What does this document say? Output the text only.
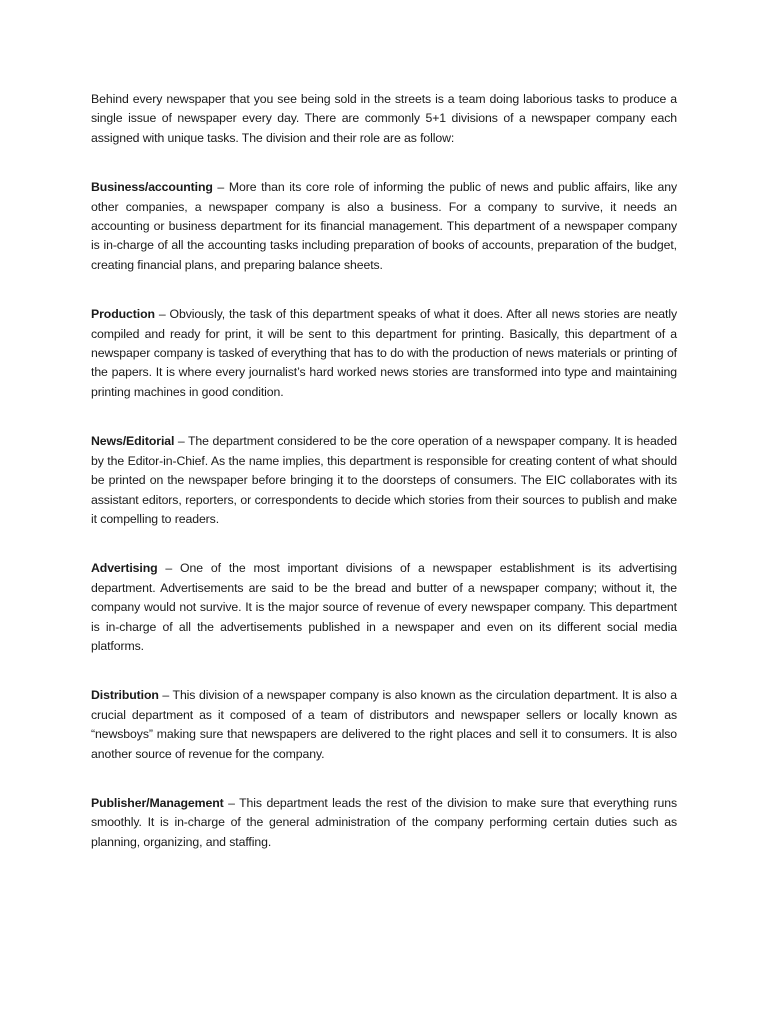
Behind every newspaper that you see being sold in the streets is a team doing laborious tasks to produce a single issue of newspaper every day. There are commonly 5+1 divisions of a newspaper company each assigned with unique tasks. The division and their role are as follow:

Business/accounting – More than its core role of informing the public of news and public affairs, like any other companies, a newspaper company is also a business. For a company to survive, it needs an accounting or business department for its financial management. This department of a newspaper company is in-charge of all the accounting tasks including preparation of books of accounts, preparation of the budget, creating financial plans, and preparing balance sheets.

Production – Obviously, the task of this department speaks of what it does. After all news stories are neatly compiled and ready for print, it will be sent to this department for printing. Basically, this department of a newspaper company is tasked of everything that has to do with the production of news materials or printing of the papers. It is where every journalist’s hard worked news stories are transformed into type and maintaining printing machines in good condition.

News/Editorial – The department considered to be the core operation of a newspaper company. It is headed by the Editor-in-Chief. As the name implies, this department is responsible for creating content of what should be printed on the newspaper before bringing it to the doorsteps of consumers. The EIC collaborates with its assistant editors, reporters, or correspondents to decide which stories from their sources to publish and make it compelling to readers.

Advertising – One of the most important divisions of a newspaper establishment is its advertising department. Advertisements are said to be the bread and butter of a newspaper company; without it, the company would not survive. It is the major source of revenue of every newspaper company. This department is in-charge of all the advertisements published in a newspaper and even on its different social media platforms.

Distribution – This division of a newspaper company is also known as the circulation department. It is also a crucial department as it composed of a team of distributors and newspaper sellers or locally known as “newsboys” making sure that newspapers are delivered to the right places and sell it to consumers. It is also another source of revenue for the company.

Publisher/Management – This department leads the rest of the division to make sure that everything runs smoothly. It is in-charge of the general administration of the company performing certain duties such as planning, organizing, and staffing.
